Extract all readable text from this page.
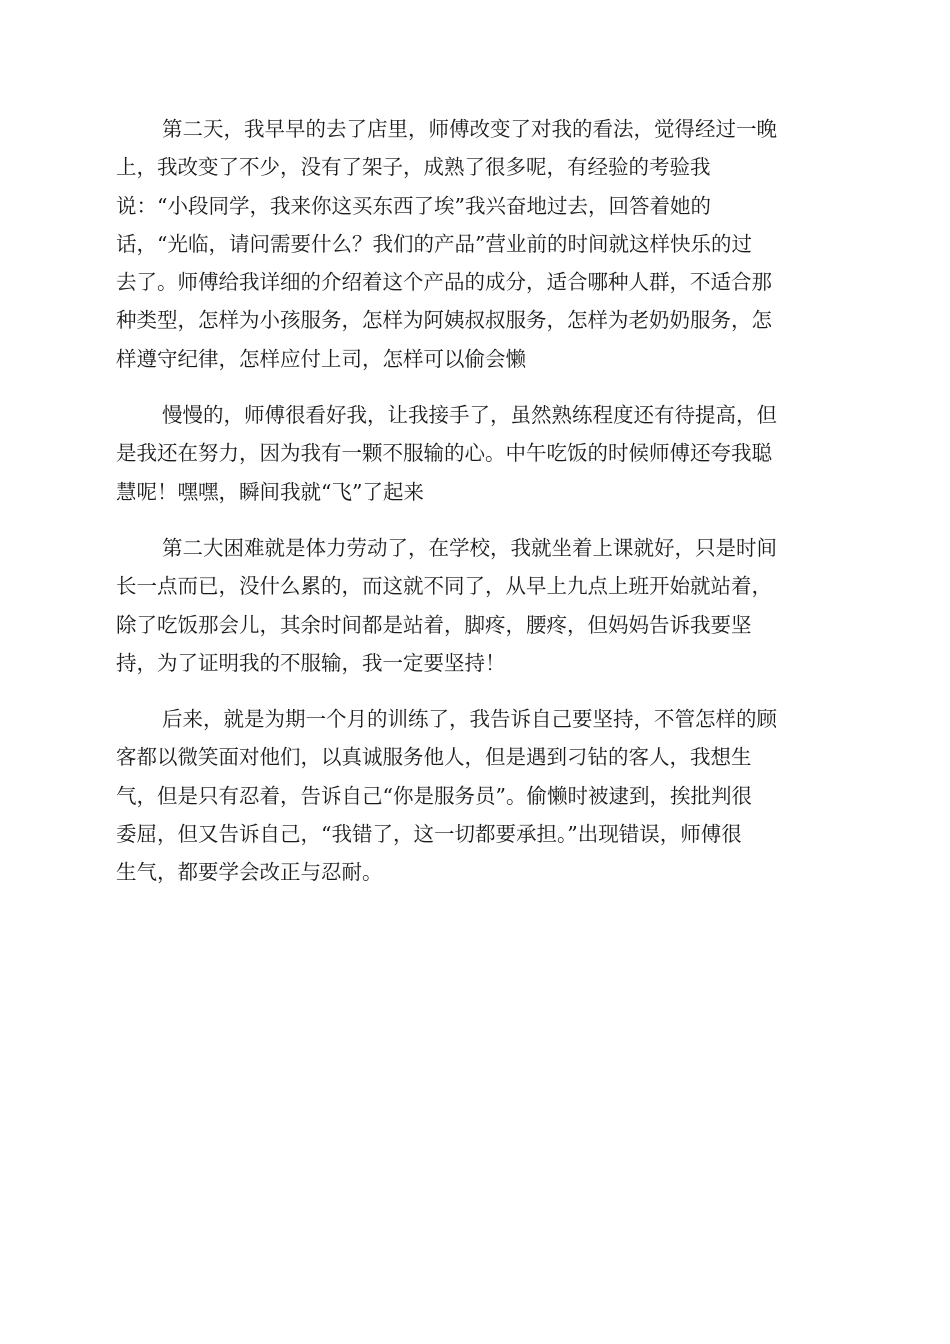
第二天，我早早的去了店里，师傅改变了对我的看法，觉得经过一晚
上，我改变了不少，没有了架子，成熟了很多呢，有经验的考验我
说：“小段同学，我来你这买东西了埃”我兴奋地过去，回答着她的
话，“光临，请问需要什么？我们的产品”营业前的时间就这样快乐的过
去了。师傅给我详细的介绍着这个产品的成分，适合哪种人群，不适合那
种类型，怎样为小孩服务，怎样为阿姨叔叔服务，怎样为老奶奶服务，怎
样遵守纪律，怎样应付上司，怎样可以偷会懒

慢慢的，师傅很看好我，让我接手了，虽然熟练程度还有待提高，但
是我还在努力，因为我有一颗不服输的心。中午吃饭的时候师傅还夸我聪
慧呢！嘿嘿，瞬间我就“飞”了起来

第二大困难就是体力劳动了，在学校，我就坐着上课就好，只是时间
长一点而已，没什么累的，而这就不同了，从早上九点上班开始就站着，
除了吃饭那会儿，其余时间都是站着，脚疼，腰疼，但妈妈告诉我要坚
持，为了证明我的不服输，我一定要坚持！

后来，就是为期一个月的训练了，我告诉自己要坚持，不管怎样的顾
客都以微笑面对他们，以真诚服务他人，但是遇到刁钻的客人，我想生
气，但是只有忍着，告诉自己“你是服务员”。偷懒时被逮到，挨批判很
委屈，但又告诉自己，“我错了，这一切都要承担。”出现错误，师傅很
生气，都要学会改正与忍耐。
